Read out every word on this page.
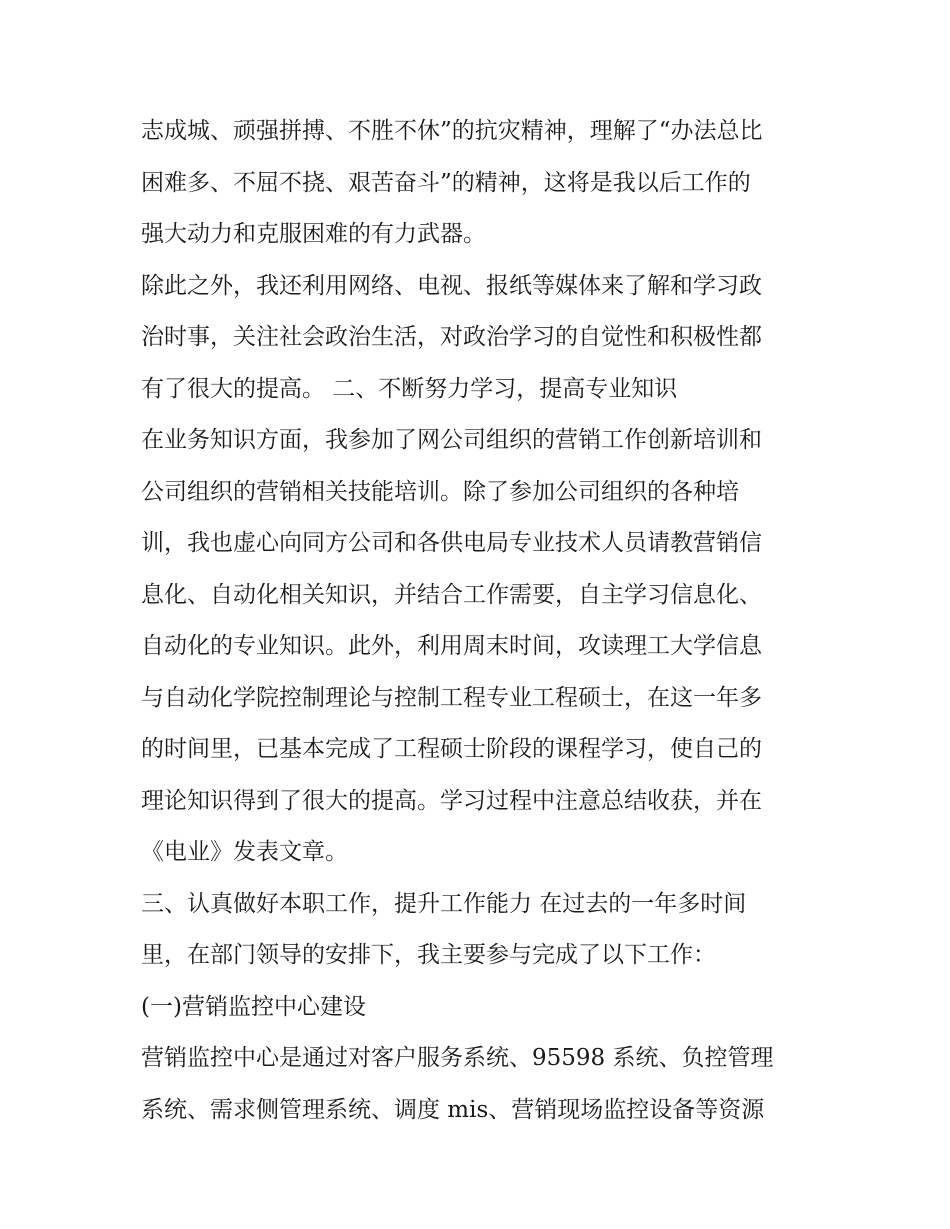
志成城、顽强拼搏、不胜不休”的抗灾精神，理解了“办法总比
困难多、不屈不挠、艰苦奋斗”的精神，这将是我以后工作的
强大动力和克服困难的有力武器。
除此之外，我还利用网络、电视、报纸等媒体来了解和学习政
治时事，关注社会政治生活，对政治学习的自觉性和积极性都
有了很大的提高。 二、不断努力学习，提高专业知识
在业务知识方面，我参加了网公司组织的营销工作创新培训和
公司组织的营销相关技能培训。除了参加公司组织的各种培
训，我也虚心向同方公司和各供电局专业技术人员请教营销信
息化、自动化相关知识，并结合工作需要，自主学习信息化、
自动化的专业知识。此外，利用周末时间，攻读理工大学信息
与自动化学院控制理论与控制工程专业工程硕士，在这一年多
的时间里，已基本完成了工程硕士阶段的课程学习，使自己的
理论知识得到了很大的提高。学习过程中注意总结收获，并在
《电业》发表文章。
三、认真做好本职工作，提升工作能力 在过去的一年多时间
里，在部门领导的安排下，我主要参与完成了以下工作：
(一)营销监控中心建设
营销监控中心是通过对客户服务系统、95598 系统、负控管理
系统、需求侧管理系统、调度 mis、营销现场监控设备等资源
